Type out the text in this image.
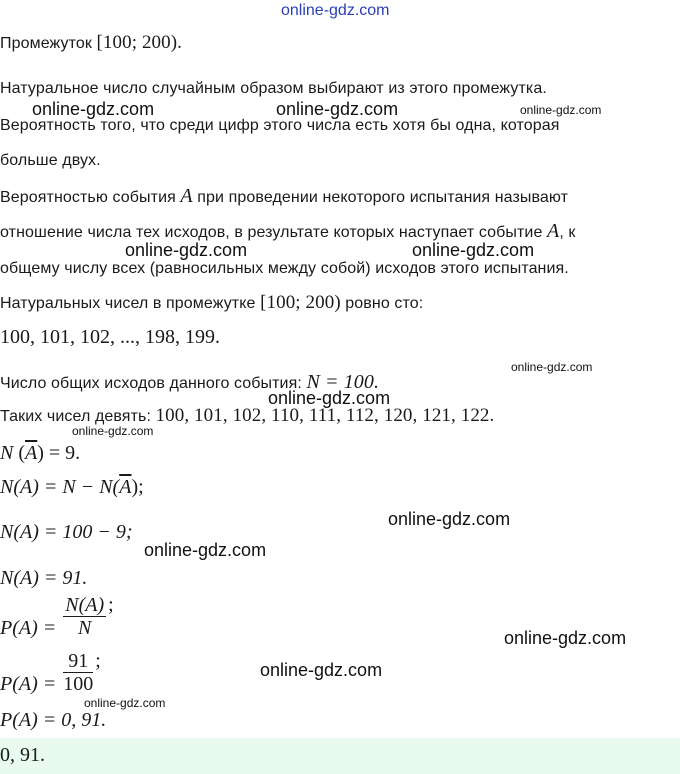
online-gdz.com
Промежуток [100; 200).
Натуральное число случайным образом выбирают из этого промежутка.
Вероятность того, что среди цифр этого числа есть хотя бы одна, которая
больше двух.
Вероятностью события A при проведении некоторого испытания называют
отношение числа тех исходов, в результате которых наступает событие A, к
общему числу всех (равносильных между собой) исходов этого испытания.
Натуральных чисел в промежутке [100; 200) ровно сто:
100, 101, 102, ..., 198, 199.
Число общих исходов данного события: N = 100.
Таких чисел девять: 100, 101, 102, 110, 111, 112, 120, 121, 122.
N $(\overline{A}) = 9$.
$N(A) = N - N(\overline{A})$;
N(A) = 100 − 9;
N(A) = 91.
$P(A) = \frac{N(A)}{N}$ ;
$P(A) = \frac{91}{100}$ ;
P(A) = 0, 91.
0, 91.
online-gdz.com	online-gdz.com	online-gdz.com
online-gdz.com	online-gdz.com
online-gdz.com
online-gdz.com
online-gdz.com
online-gdz.com
online-gdz.com
online-gdz.com
online-gdz.com
online-gdz.com
